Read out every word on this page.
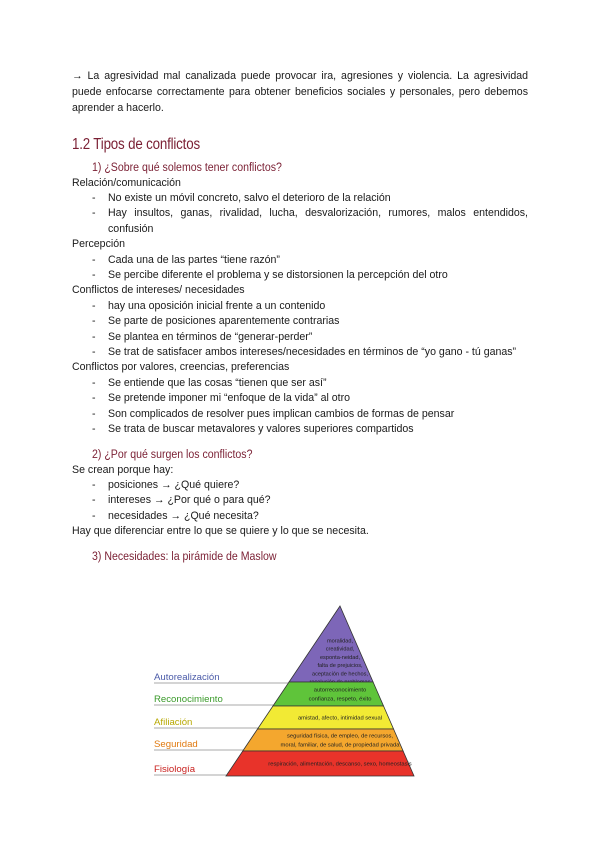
→ La agresividad mal canalizada puede provocar ira, agresiones y violencia. La agresividad puede enfocarse correctamente para obtener beneficios sociales y personales, pero debemos aprender a hacerlo.

1.2 Tipos de conflictos
1) ¿Sobre qué solemos tener conflictos?

Relación/comunicación

- No existe un móvil concreto, salvo el deterioro de la relación
- Hay insultos, ganas, rivalidad, lucha, desvalorización, rumores, malos entendidos, confusión

Percepción

- Cada una de las partes “tiene razón”
- Se percibe diferente el problema y se distorsionen la percepción del otro

Conflictos de intereses/ necesidades

- hay una oposición inicial frente a un contenido
- Se parte de posiciones aparentemente contrarias
- Se plantea en términos de “generar-perder”
- Se trat de satisfacer ambos intereses/necesidades en términos de “yo gano - tú ganas”

Conflictos por valores, creencias, preferencias

- Se entiende que las cosas “tienen que ser así”
- Se pretende imponer mi “enfoque de la vida” al otro
- Son complicados de resolver pues implican cambios de formas de pensar
- Se trata de buscar metavalores y valores superiores compartidos
2) ¿Por qué surgen los conflictos?

Se crean porque hay:

- posiciones → ¿Qué quiere?
- intereses → ¿Por qué o para qué?
- necesidades → ¿Qué necesita?

Hay que diferenciar entre lo que se quiere y lo que se necesita.

3) Necesidades: la pirámide de Maslow
moralidad,
creatividad,
esponta-neidad,
falta de prejuicios,
aceptación de hechos,
Autorealización
autorreconocimiento
confianza, respeto, éxito
Reconocimiento
amistad, afecto, intimidad sexual
Afiliación
seguridad física, de empleo, de recursos,
moral, familiar, de salud, de propiedad privada
Seguridad
respiración, alimentación, descanso, sexo, homeostasis
Fisiología
